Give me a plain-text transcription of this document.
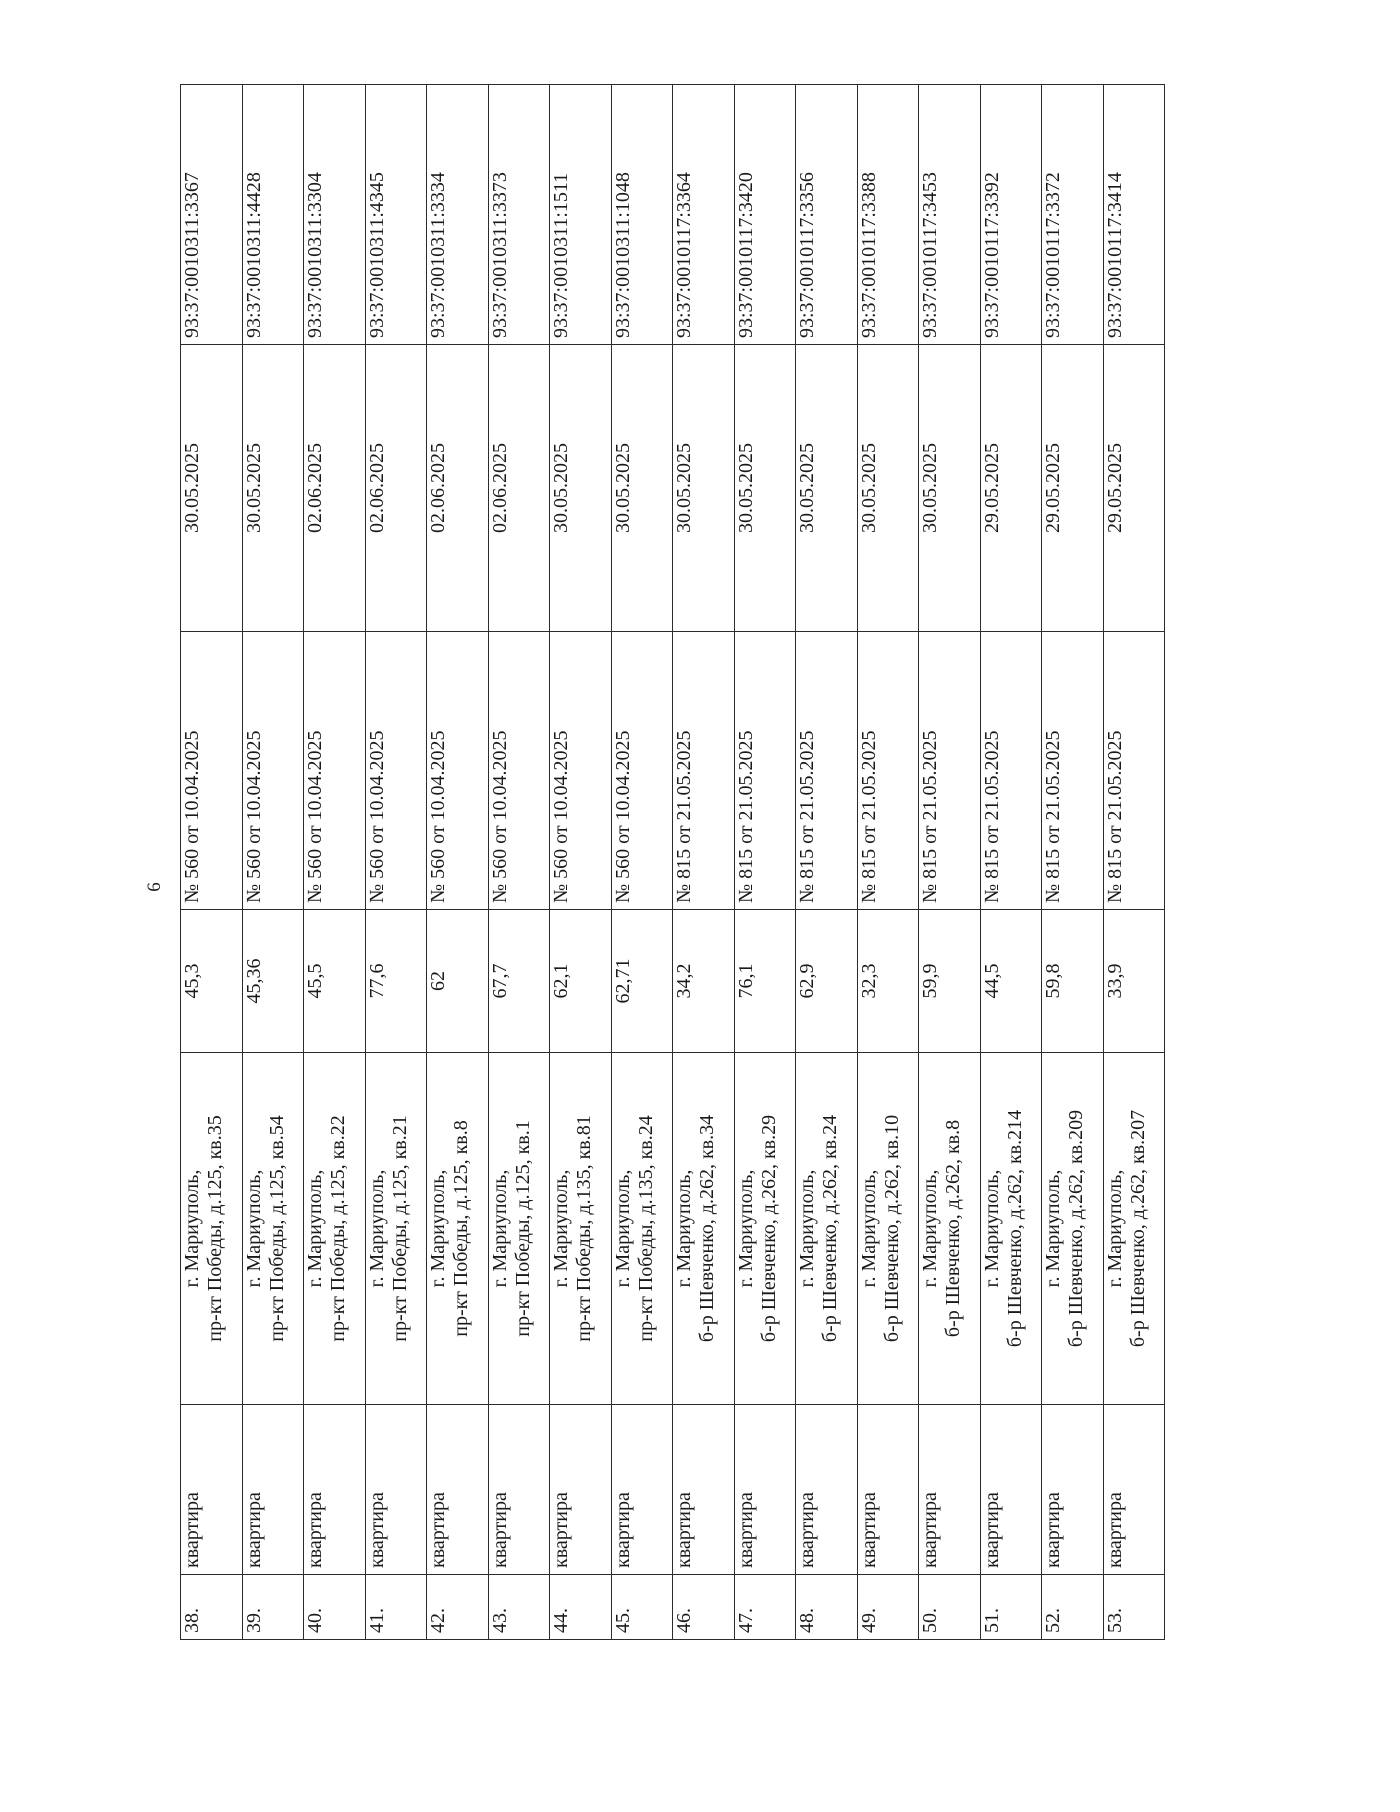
6
38.	квартира	г. Мариуполь, пр-кт Победы, д.125, кв.35	45,3	№ 560 от 10.04.2025	30.05.2025	93:37:0010311:3367
39.	квартира	г. Мариуполь, пр-кт Победы, д.125, кв.54	45,36	№ 560 от 10.04.2025	30.05.2025	93:37:0010311:4428
40.	квартира	г. Мариуполь, пр-кт Победы, д.125, кв.22	45,5	№ 560 от 10.04.2025	02.06.2025	93:37:0010311:3304
41.	квартира	г. Мариуполь, пр-кт Победы, д.125, кв.21	77,6	№ 560 от 10.04.2025	02.06.2025	93:37:0010311:4345
42.	квартира	г. Мариуполь, пр-кт Победы, д.125, кв.8	62	№ 560 от 10.04.2025	02.06.2025	93:37:0010311:3334
43.	квартира	г. Мариуполь, пр-кт Победы, д.125, кв.1	67,7	№ 560 от 10.04.2025	02.06.2025	93:37:0010311:3373
44.	квартира	г. Мариуполь, пр-кт Победы, д.135, кв.81	62,1	№ 560 от 10.04.2025	30.05.2025	93:37:0010311:1511
45.	квартира	г. Мариуполь, пр-кт Победы, д.135, кв.24	62,71	№ 560 от 10.04.2025	30.05.2025	93:37:0010311:1048
46.	квартира	г. Мариуполь, б-р Шевченко, д.262, кв.34	34,2	№ 815 от 21.05.2025	30.05.2025	93:37:0010117:3364
47.	квартира	г. Мариуполь, б-р Шевченко, д.262, кв.29	76,1	№ 815 от 21.05.2025	30.05.2025	93:37:0010117:3420
48.	квартира	г. Мариуполь, б-р Шевченко, д.262, кв.24	62,9	№ 815 от 21.05.2025	30.05.2025	93:37:0010117:3356
49.	квартира	г. Мариуполь, б-р Шевченко, д.262, кв.10	32,3	№ 815 от 21.05.2025	30.05.2025	93:37:0010117:3388
50.	квартира	г. Мариуполь, б-р Шевченко, д.262, кв.8	59,9	№ 815 от 21.05.2025	30.05.2025	93:37:0010117:3453
51.	квартира	г. Мариуполь, б-р Шевченко, д.262, кв.214	44,5	№ 815 от 21.05.2025	29.05.2025	93:37:0010117:3392
52.	квартира	г. Мариуполь, б-р Шевченко, д.262, кв.209	59,8	№ 815 от 21.05.2025	29.05.2025	93:37:0010117:3372
53.	квартира	г. Мариуполь, б-р Шевченко, д.262, кв.207	33,9	№ 815 от 21.05.2025	29.05.2025	93:37:0010117:3414
